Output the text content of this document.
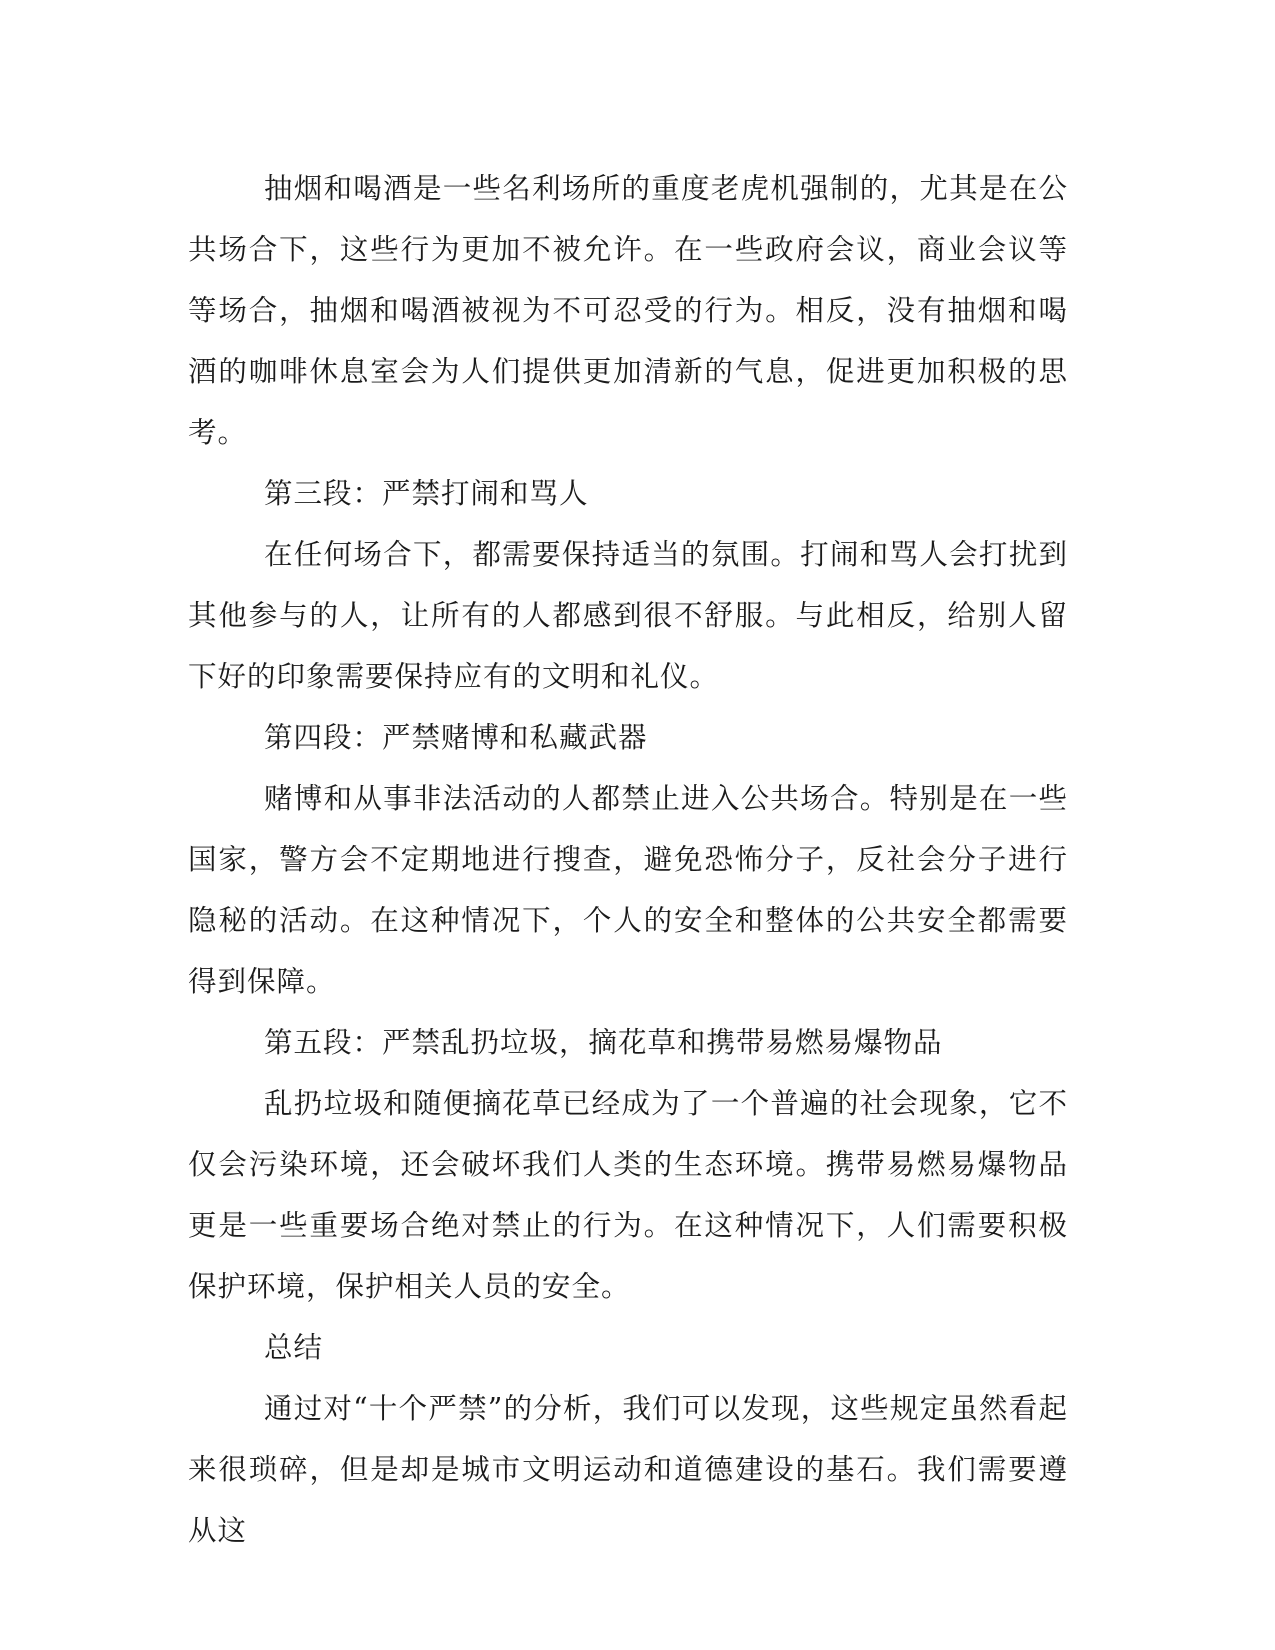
抽烟和喝酒是一些名利场所的重度老虎机强制的，尤其是在公共场合下，这些行为更加不被允许。在一些政府会议，商业会议等等场合，抽烟和喝酒被视为不可忍受的行为。相反，没有抽烟和喝酒的咖啡休息室会为人们提供更加清新的气息，促进更加积极的思考。

第三段：严禁打闹和骂人

在任何场合下，都需要保持适当的氛围。打闹和骂人会打扰到其他参与的人，让所有的人都感到很不舒服。与此相反，给别人留下好的印象需要保持应有的文明和礼仪。

第四段：严禁赌博和私藏武器

赌博和从事非法活动的人都禁止进入公共场合。特别是在一些国家，警方会不定期地进行搜查，避免恐怖分子，反社会分子进行隐秘的活动。在这种情况下，个人的安全和整体的公共安全都需要得到保障。

第五段：严禁乱扔垃圾，摘花草和携带易燃易爆物品

乱扔垃圾和随便摘花草已经成为了一个普遍的社会现象，它不仅会污染环境，还会破坏我们人类的生态环境。携带易燃易爆物品更是一些重要场合绝对禁止的行为。在这种情况下，人们需要积极保护环境，保护相关人员的安全。

总结

通过对“十个严禁”的分析，我们可以发现，这些规定虽然看起来很琐碎，但是却是城市文明运动和道德建设的基石。我们需要遵从这
